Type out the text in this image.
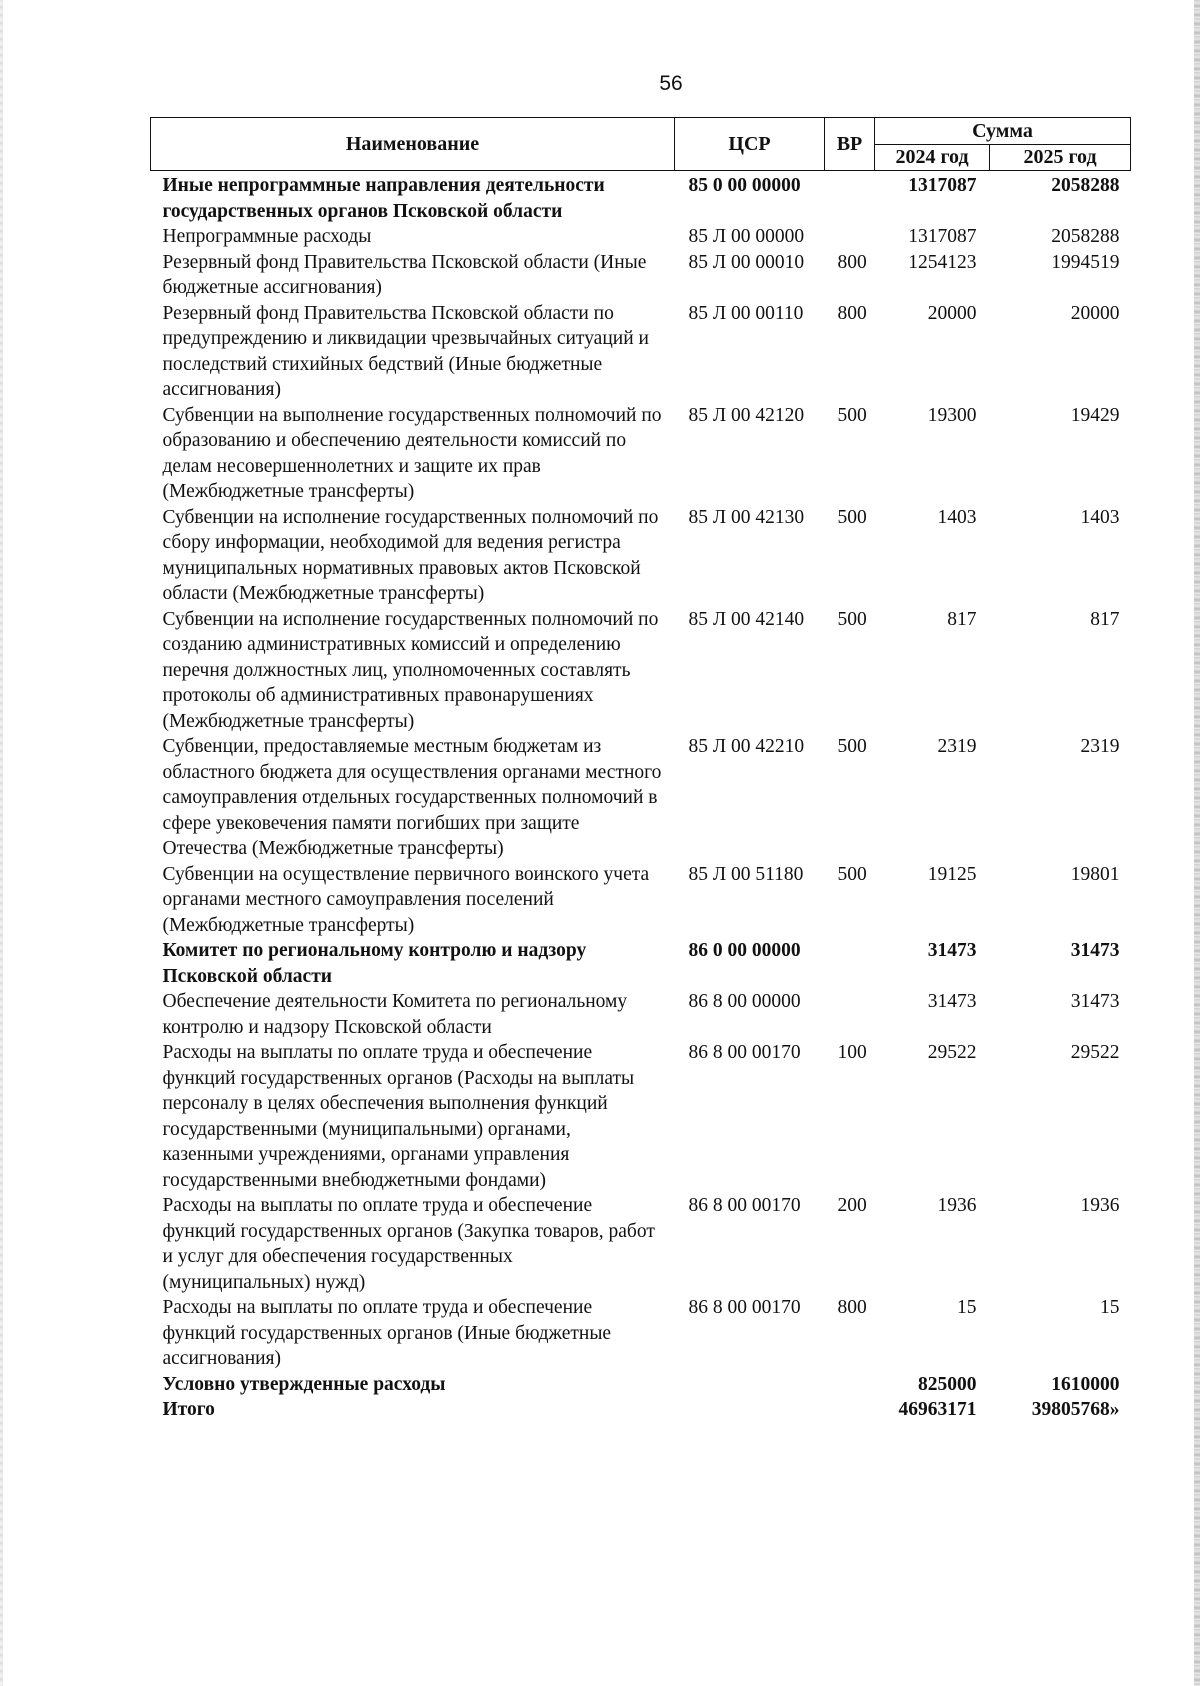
56
Наименование	ЦСР	ВР	Сумма	
			2024 год	2025 год
Иные непрограммные направления деятельности государственных органов Псковской области	85 0 00 00000		1317087	2058288
Непрограммные расходы	85 Л 00 00000		1317087	2058288
Резервный фонд Правительства Псковской области (Иные бюджетные ассигнования)	85 Л 00 00010	800	1254123	1994519
Резервный фонд Правительства Псковской области по предупреждению и ликвидации чрезвычайных ситуаций и последствий стихийных бедствий (Иные бюджетные ассигнования)	85 Л 00 00110	800	20000	20000
Субвенции на выполнение государственных полномочий по образованию и обеспечению деятельности комиссий по делам несовершеннолетних и защите их прав (Межбюджетные трансферты)	85 Л 00 42120	500	19300	19429
Субвенции на исполнение государственных полномочий по сбору информации, необходимой для ведения регистра муниципальных нормативных правовых актов Псковской области (Межбюджетные трансферты)	85 Л 00 42130	500	1403	1403
Субвенции на исполнение государственных полномочий по созданию административных комиссий и определению перечня должностных лиц, уполномоченных составлять протоколы об административных правонарушениях (Межбюджетные трансферты)	85 Л 00 42140	500	817	817
Субвенции, предоставляемые местным бюджетам из областного бюджета для осуществления органами местного самоуправления отдельных государственных полномочий в сфере увековечения памяти погибших при защите Отечества (Межбюджетные трансферты)	85 Л 00 42210	500	2319	2319
Субвенции на осуществление первичного воинского учета органами местного самоуправления поселений (Межбюджетные трансферты)	85 Л 00 51180	500	19125	19801
Комитет по региональному контролю и надзору Псковской области	86 0 00 00000		31473	31473
Обеспечение деятельности Комитета по региональному контролю и надзору Псковской области	86 8 00 00000		31473	31473
Расходы на выплаты по оплате труда и обеспечение функций государственных органов (Расходы на выплаты персоналу в целях обеспечения выполнения функций государственными (муниципальными) органами, казенными учреждениями, органами управления государственными внебюджетными фондами)	86 8 00 00170	100	29522	29522
Расходы на выплаты по оплате труда и обеспечение функций государственных органов (Закупка товаров, работ и услуг для обеспечения государственных (муниципальных) нужд)	86 8 00 00170	200	1936	1936
Расходы на выплаты по оплате труда и обеспечение функций государственных органов (Иные бюджетные ассигнования)	86 8 00 00170	800	15	15
Условно утвержденные расходы			825000	1610000
Итого			46963171	39805768»
